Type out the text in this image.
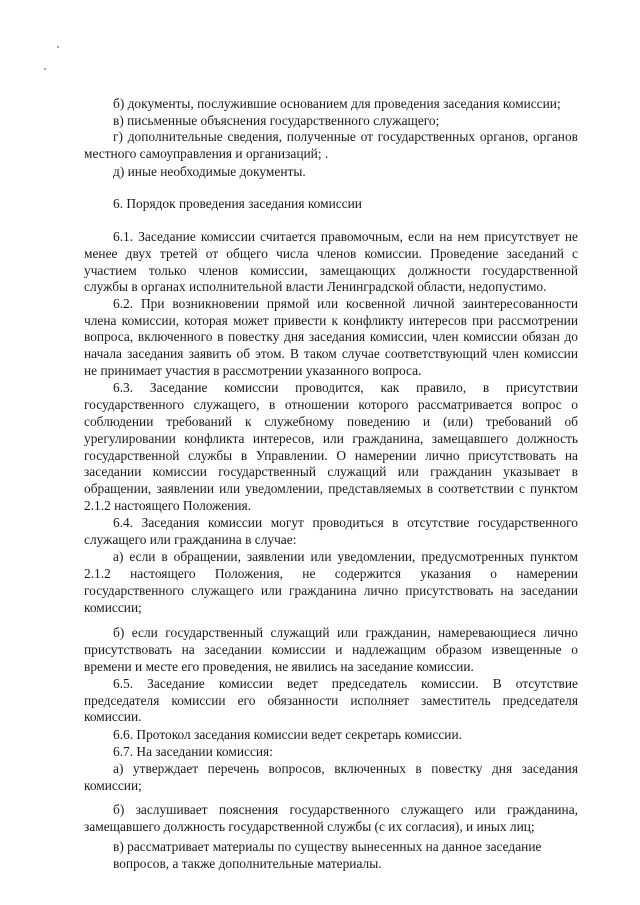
б) документы, послужившие основанием для проведения заседания комиссии;

в) письменные объяснения государственного служащего;

г) дополнительные сведения, полученные от государственных органов, органов

местного самоуправления и организаций; .

д) иные необходимые документы.

6. Порядок проведения заседания комиссии

6.1. Заседание комиссии считается правомочным, если на нем присутствует не

менее двух третей от общего числа членов комиссии. Проведение заседаний с

участием только членов комиссии, замещающих должности государственной

службы в органах исполнительной власти Ленинградской области, недопустимо.

6.2. При возникновении прямой или косвенной личной заинтересованности

члена комиссии, которая может привести к конфликту интересов при рассмотрении

вопроса, включенного в повестку дня заседания комиссии, член комиссии обязан до

начала заседания заявить об этом. В таком случае соответствующий член комиссии

не принимает участия в рассмотрении указанного вопроса.

6.3. Заседание комиссии проводится, как правило, в присутствии

государственного служащего, в отношении которого рассматривается вопрос о

соблюдении требований к служебному поведению и (или) требований об

урегулировании конфликта интересов, или гражданина, замещавшего должность

государственной службы в Управлении. О намерении лично присутствовать на

заседании комиссии государственный служащий или гражданин указывает в

обращении, заявлении или уведомлении, представляемых в соответствии с пунктом

2.1.2 настоящего Положения.

6.4. Заседания комиссии могут проводиться в отсутствие государственного

служащего или гражданина в случае:

а) если в обращении, заявлении или уведомлении, предусмотренных пунктом

2.1.2 настоящего Положения, не содержится указания о намерении

государственного служащего или гражданина лично присутствовать на заседании

комиссии;

б) если государственный служащий или гражданин, намеревающиеся лично

присутствовать на заседании комиссии и надлежащим образом извещенные о

времени и месте его проведения, не явились на заседание комиссии.

6.5. Заседание комиссии ведет председатель комиссии. В отсутствие

председателя комиссии его обязанности исполняет заместитель председателя

комиссии.

6.6. Протокол заседания комиссии ведет секретарь комиссии.

6.7. На заседании комиссия:

а) утверждает перечень вопросов, включенных в повестку дня заседания

комиссии;

б) заслушивает пояснения государственного служащего или гражданина,

замещавшего должность государственной службы (с их согласия), и иных лиц;

в) рассматривает материалы по существу вынесенных на данное заседание

вопросов, а также дополнительные материалы.
